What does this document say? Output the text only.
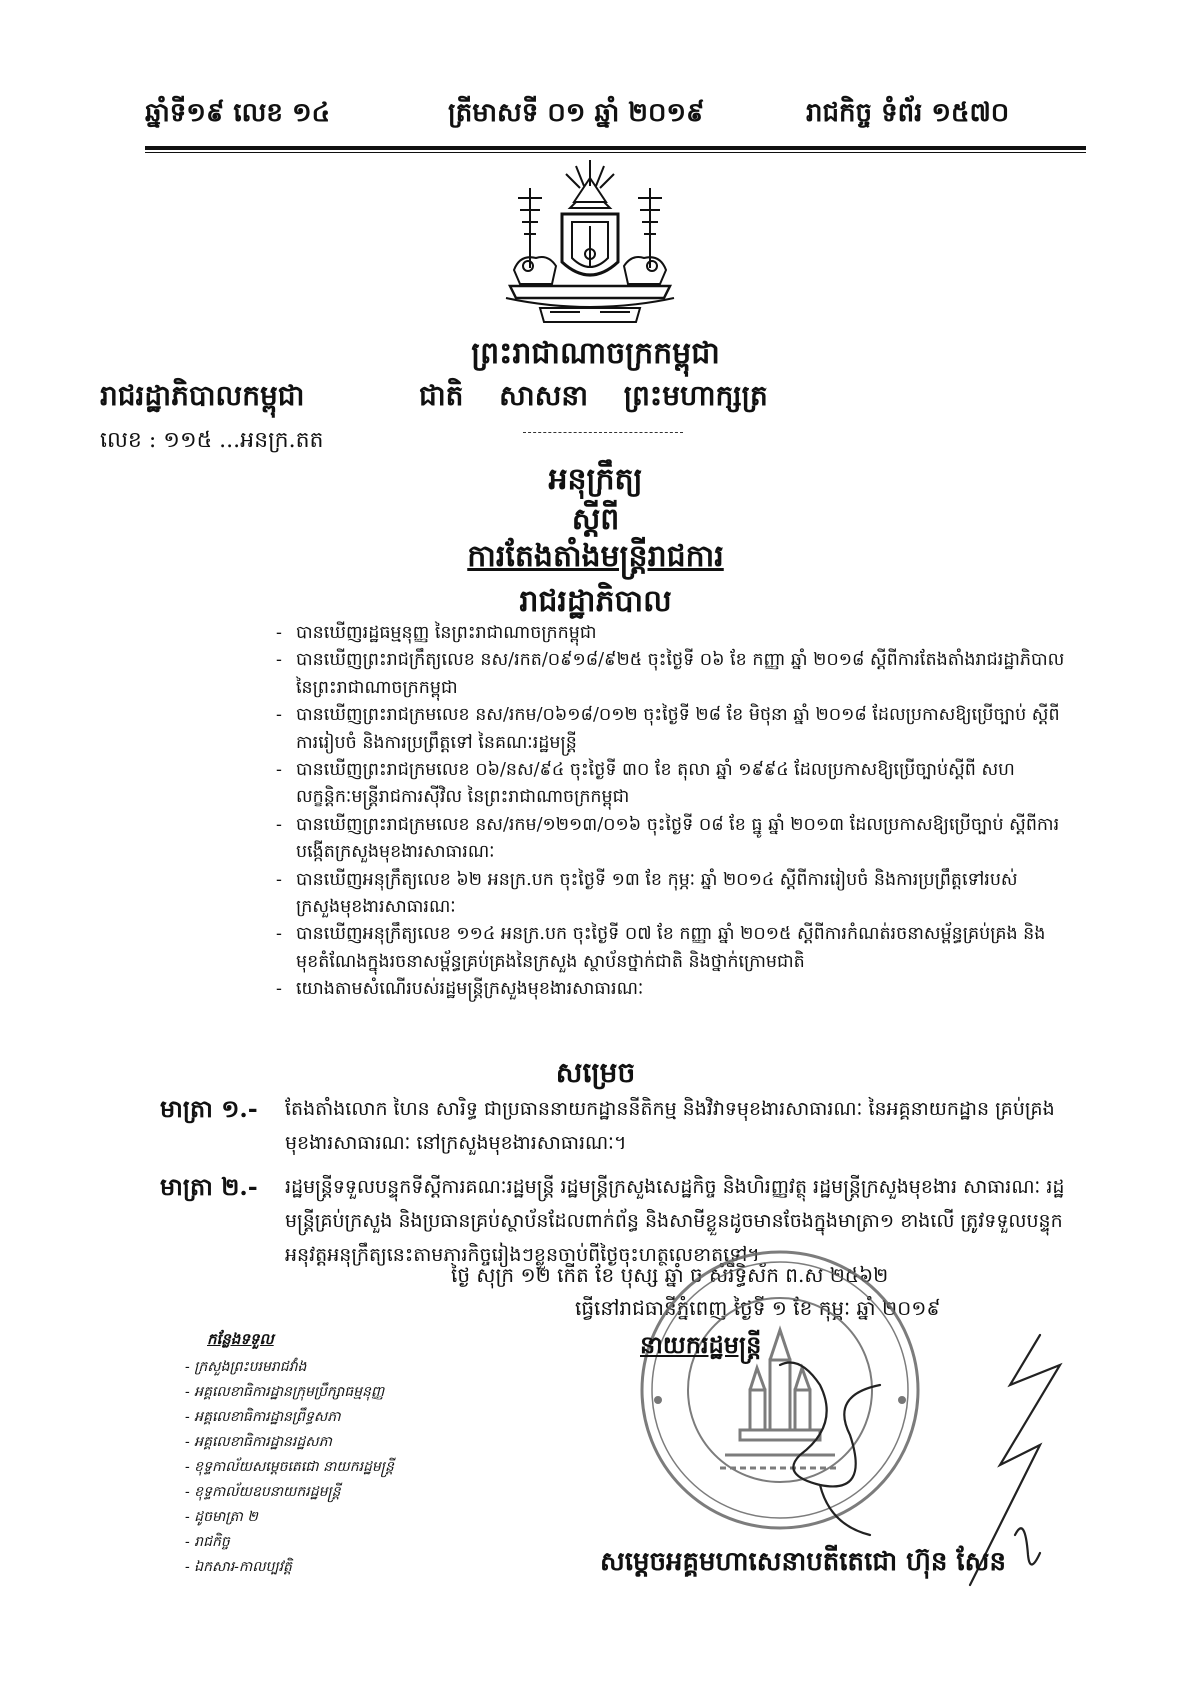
ឆ្នាំទី១៩ លេខ ១៤	ត្រីមាសទី ០១ ឆ្នាំ ២០១៩	រាជកិច្ច ទំព័រ ១៥៧០
ព្រះរាជាណាចក្រកម្ពុជា
រាជរដ្ឋាភិបាលកម្ពុជា	ជាតិ សាសនា ព្រះមហាក្សត្រ
លេខ : ១១៥ ...អនក្រ.តត
អនុក្រឹត្យ
ស្តីពី
ការតែងតាំងមន្ត្រីរាជការ
រាជរដ្ឋាភិបាល
- បានឃើញរដ្ឋធម្មនុញ្ញ នៃព្រះរាជាណាចក្រកម្ពុជា
- បានឃើញព្រះរាជក្រឹត្យលេខ នស/រកត/០៩១៨/៩២៥ ចុះថ្ងៃទី ០៦ ខែ កញ្ញា ឆ្នាំ ២០១៨ ស្តីពីការតែងតាំងរាជរដ្ឋាភិបាល នៃព្រះរាជាណាចក្រកម្ពុជា
- បានឃើញព្រះរាជក្រមលេខ នស/រកម/០៦១៨/០១២ ចុះថ្ងៃទី ២៨ ខែ មិថុនា ឆ្នាំ ២០១៨ ដែលប្រកាសឱ្យប្រើច្បាប់ ស្តីពីការរៀបចំ និងការប្រព្រឹត្តទៅ នៃគណៈរដ្ឋមន្ត្រី
- បានឃើញព្រះរាជក្រមលេខ ០៦/នស/៩៤ ចុះថ្ងៃទី ៣០ ខែ តុលា ឆ្នាំ ១៩៩៤ ដែលប្រកាសឱ្យប្រើច្បាប់ស្តីពី សហលក្ខន្តិកៈមន្ត្រីរាជការស៊ីវិល នៃព្រះរាជាណាចក្រកម្ពុជា
- បានឃើញព្រះរាជក្រមលេខ នស/រកម/១២១៣/០១៦ ចុះថ្ងៃទី ០៨ ខែ ធ្នូ ឆ្នាំ ២០១៣ ដែលប្រកាសឱ្យប្រើច្បាប់ ស្តីពីការបង្កើតក្រសួងមុខងារសាធារណៈ
- បានឃើញអនុក្រឹត្យលេខ ៦២ អនក្រ.បក ចុះថ្ងៃទី ១៣ ខែ កុម្ភៈ ឆ្នាំ ២០១៤ ស្តីពីការរៀបចំ និងការប្រព្រឹត្តទៅរបស់ ក្រសួងមុខងារសាធារណៈ
- បានឃើញអនុក្រឹត្យលេខ ១១៤ អនក្រ.បក ចុះថ្ងៃទី ០៧ ខែ កញ្ញា ឆ្នាំ ២០១៥ ស្តីពីការកំណត់រចនាសម្ព័ន្ធគ្រប់គ្រង និង មុខតំណែងក្នុងរចនាសម្ព័ន្ធគ្រប់គ្រងនៃក្រសួង ស្ថាប័នថ្នាក់ជាតិ និងថ្នាក់ក្រោមជាតិ
- យោងតាមសំណើរបស់រដ្ឋមន្ត្រីក្រសួងមុខងារសាធារណៈ
សម្រេច
មាត្រា ១.- តែងតាំងលោក ហៃន សារិទ្ធ ជាប្រធាននាយកដ្ឋាននីតិកម្ម និងវិវាទមុខងារសាធារណៈ នៃអគ្គនាយកដ្ឋាន គ្រប់គ្រងមុខងារសាធារណៈ នៅក្រសួងមុខងារសាធារណៈ។
មាត្រា ២.- រដ្ឋមន្ត្រីទទួលបន្ទុកទីស្តីការគណៈរដ្ឋមន្ត្រី រដ្ឋមន្ត្រីក្រសួងសេដ្ឋកិច្ច និងហិរញ្ញវត្ថុ រដ្ឋមន្ត្រីក្រសួងមុខងារ សាធារណៈ រដ្ឋមន្ត្រីគ្រប់ក្រសួង និងប្រធានគ្រប់ស្ថាប័នដែលពាក់ព័ន្ធ និងសាមីខ្លួនដូចមានចែងក្នុងមាត្រា១ ខាងលើ ត្រូវទទួលបន្ទុកអនុវត្តអនុក្រឹត្យនេះតាមភារកិច្ចរៀងៗខ្លួនចាប់ពីថ្ងៃចុះហត្ថលេខាតទៅ។
ថ្ងៃ សុក្រ ១២ កើត ខែ បុស្ស ឆ្នាំ ច សំរឹទ្ធិស័ក ព.ស ២៥៦២
ធ្វើនៅរាជធានីភ្នំពេញ ថ្ងៃទី ១ ខែ កុម្ភៈ ឆ្នាំ ២០១៩
នាយករដ្ឋមន្ត្រី
សម្តេចអគ្គមហាសេនាបតីតេជោ ហ៊ុន សែន
កន្លែងទទួល
- ក្រសួងព្រះបរមរាជវាំង
- អគ្គលេខាធិការដ្ឋានក្រុមប្រឹក្សាធម្មនុញ្ញ
- អគ្គលេខាធិការដ្ឋានព្រឹទ្ធសភា
- អគ្គលេខាធិការដ្ឋានរដ្ឋសភា
- ខុទ្ទកាល័យសម្តេចតេជោ នាយករដ្ឋមន្ត្រី
- ខុទ្ទកាល័យឧបនាយករដ្ឋមន្ត្រី
- ដូចមាត្រា ២
- រាជកិច្ច
- ឯកសារ-កាលប្បវត្តិ
